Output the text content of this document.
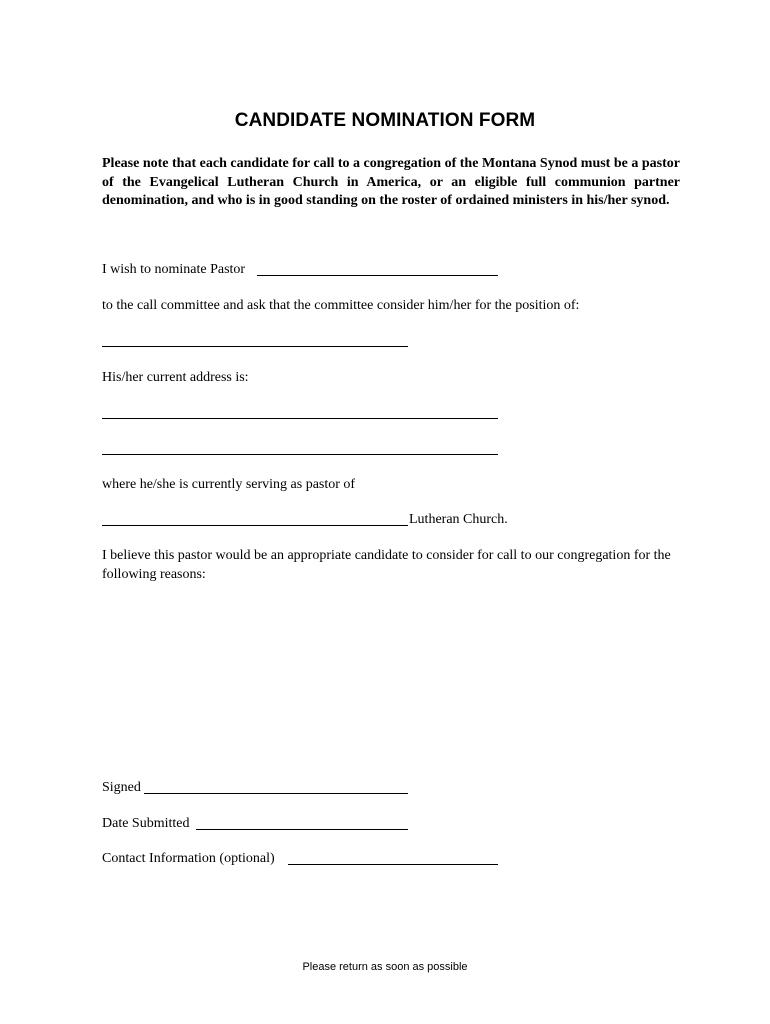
CANDIDATE NOMINATION FORM
Please note that each candidate for call to a congregation of the Montana Synod must be a pastor of the Evangelical Lutheran Church in America, or an eligible full communion partner denomination, and who is in good standing on the roster of ordained ministers in his/her synod.
I wish to nominate Pastor
to the call committee and ask that the committee consider him/her for the position of:
His/her current address is:
where he/she is currently serving as pastor of
Lutheran Church.
I believe this pastor would be an appropriate candidate to consider for call to our congregation for the following reasons:
Signed
Date Submitted
Contact Information (optional)
Please return as soon as possible
